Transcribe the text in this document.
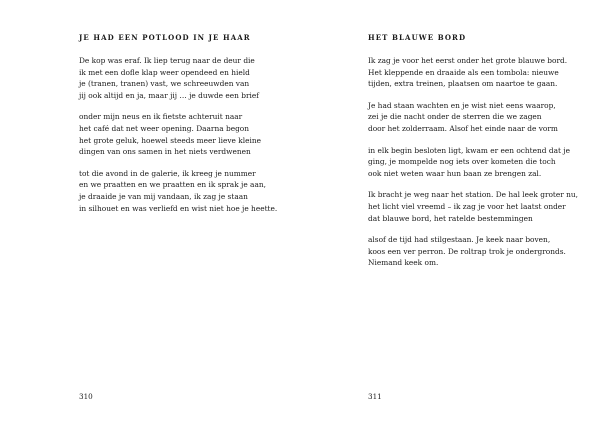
JE HAD EEN POTLOOD IN JE HAAR

De kop was eraf. Ik liep terug naar de deur die
ik met een dofle klap weer opendeed en hield
je (tranen, tranen) vast, we schreeuwden van
jij ook altijd en ja, maar jij … je duwde een brief

onder mijn neus en ik fietste achteruit naar
het café dat net weer opening. Daarna begon
het grote geluk, hoewel steeds meer lieve kleine
dingen van ons samen in het niets verdwenen

tot die avond in de galerie, ik kreeg je nummer
en we praatten en we praatten en ik sprak je aan,
je draaide je van mij vandaan, ik zag je staan
in silhouet en was verliefd en wist niet hoe je heette.

310

HET BLAUWE BORD

Ik zag je voor het eerst onder het grote blauwe bord.
Het kleppende en draaide als een tombola: nieuwe
tijden, extra treinen, plaatsen om naartoe te gaan.

Je had staan wachten en je wist niet eens waarop,
zei je die nacht onder de sterren die we zagen
door het zolderraam. Alsof het einde naar de vorm

in elk begin besloten ligt, kwam er een ochtend dat je
ging, je mompelde nog iets over kometen die toch
ook niet weten waar hun baan ze brengen zal.

Ik bracht je weg naar het station. De hal leek groter nu,
het licht viel vreemd – ik zag je voor het laatst onder
dat blauwe bord, het ratelde bestemmingen

alsof de tijd had stilgestaan. Je keek naar boven,
koos een ver perron. De roltrap trok je ondergronds.
Niemand keek om.

311
